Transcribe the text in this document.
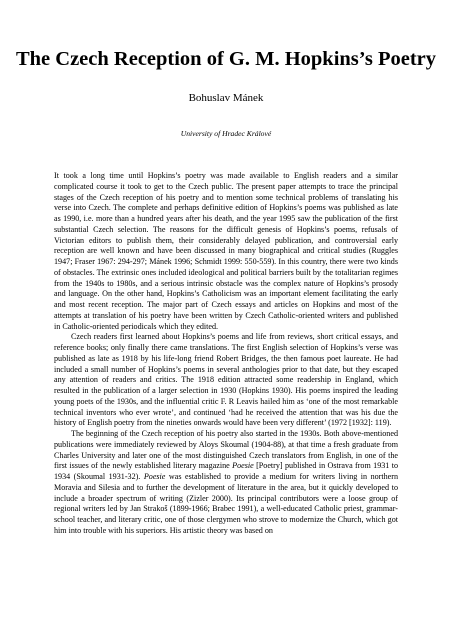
The Czech Reception of G. M. Hopkins’s Poetry
Bohuslav Mánek
University of Hradec Králové

It took a long time until Hopkins’s poetry was made available to English readers and a similar complicated course it took to get to the Czech public. The present paper attempts to trace the principal stages of the Czech reception of his poetry and to mention some technical problems of translating his verse into Czech. The complete and perhaps definitive edition of Hopkins’s poems was published as late as 1990, i.e. more than a hundred years after his death, and the year 1995 saw the publication of the first substantial Czech selection. The reasons for the difficult genesis of Hopkins’s poems, refusals of Victorian editors to publish them, their considerably delayed publication, and controversial early reception are well known and have been discussed in many biographical and critical studies (Ruggles 1947; Fraser 1967: 294-297; Mánek 1996; Schmidt 1999: 550-559). In this country, there were two kinds of obstacles. The extrinsic ones included ideological and political barriers built by the totalitarian regimes from the 1940s to 1980s, and a serious intrinsic obstacle was the complex nature of Hopkins’s prosody and language. On the other hand, Hopkins’s Catholicism was an important element facilitating the early and most recent reception. The major part of Czech essays and articles on Hopkins and most of the attempts at translation of his poetry have been written by Czech Catholic-oriented writers and published in Catholic-oriented periodicals which they edited.

Czech readers first learned about Hopkins’s poems and life from reviews, short critical essays, and reference books; only finally there came translations. The first English selection of Hopkins’s verse was published as late as 1918 by his life-long friend Robert Bridges, the then famous poet laureate. He had included a small number of Hopkins’s poems in several anthologies prior to that date, but they escaped any attention of readers and critics. The 1918 edition attracted some readership in England, which resulted in the publication of a larger selection in 1930 (Hopkins 1930). His poems inspired the leading young poets of the 1930s, and the influential critic F. R Leavis hailed him as ‘one of the most remarkable technical inventors who ever wrote’, and continued ‘had he received the attention that was his due the history of English poetry from the nineties onwards would have been very different’ (1972 [1932]: 119).

The beginning of the Czech reception of his poetry also started in the 1930s. Both above-mentioned publications were immediately reviewed by Aloys Skoumal (1904-88), at that time a fresh graduate from Charles University and later one of the most distinguished Czech translators from English, in one of the first issues of the newly established literary magazine Poesie [Poetry] published in Ostrava from 1931 to 1934 (Skoumal 1931-32). Poesie was established to provide a medium for writers living in northern Moravia and Silesia and to further the development of literature in the area, but it quickly developed to include a broader spectrum of writing (Zizler 2000). Its principal contributors were a loose group of regional writers led by Jan Strakoš (1899-1966; Brabec 1991), a well-educated Catholic priest, grammar-school teacher, and literary critic, one of those clergymen who strove to modernize the Church, which got him into trouble with his superiors. His artistic theory was based on
